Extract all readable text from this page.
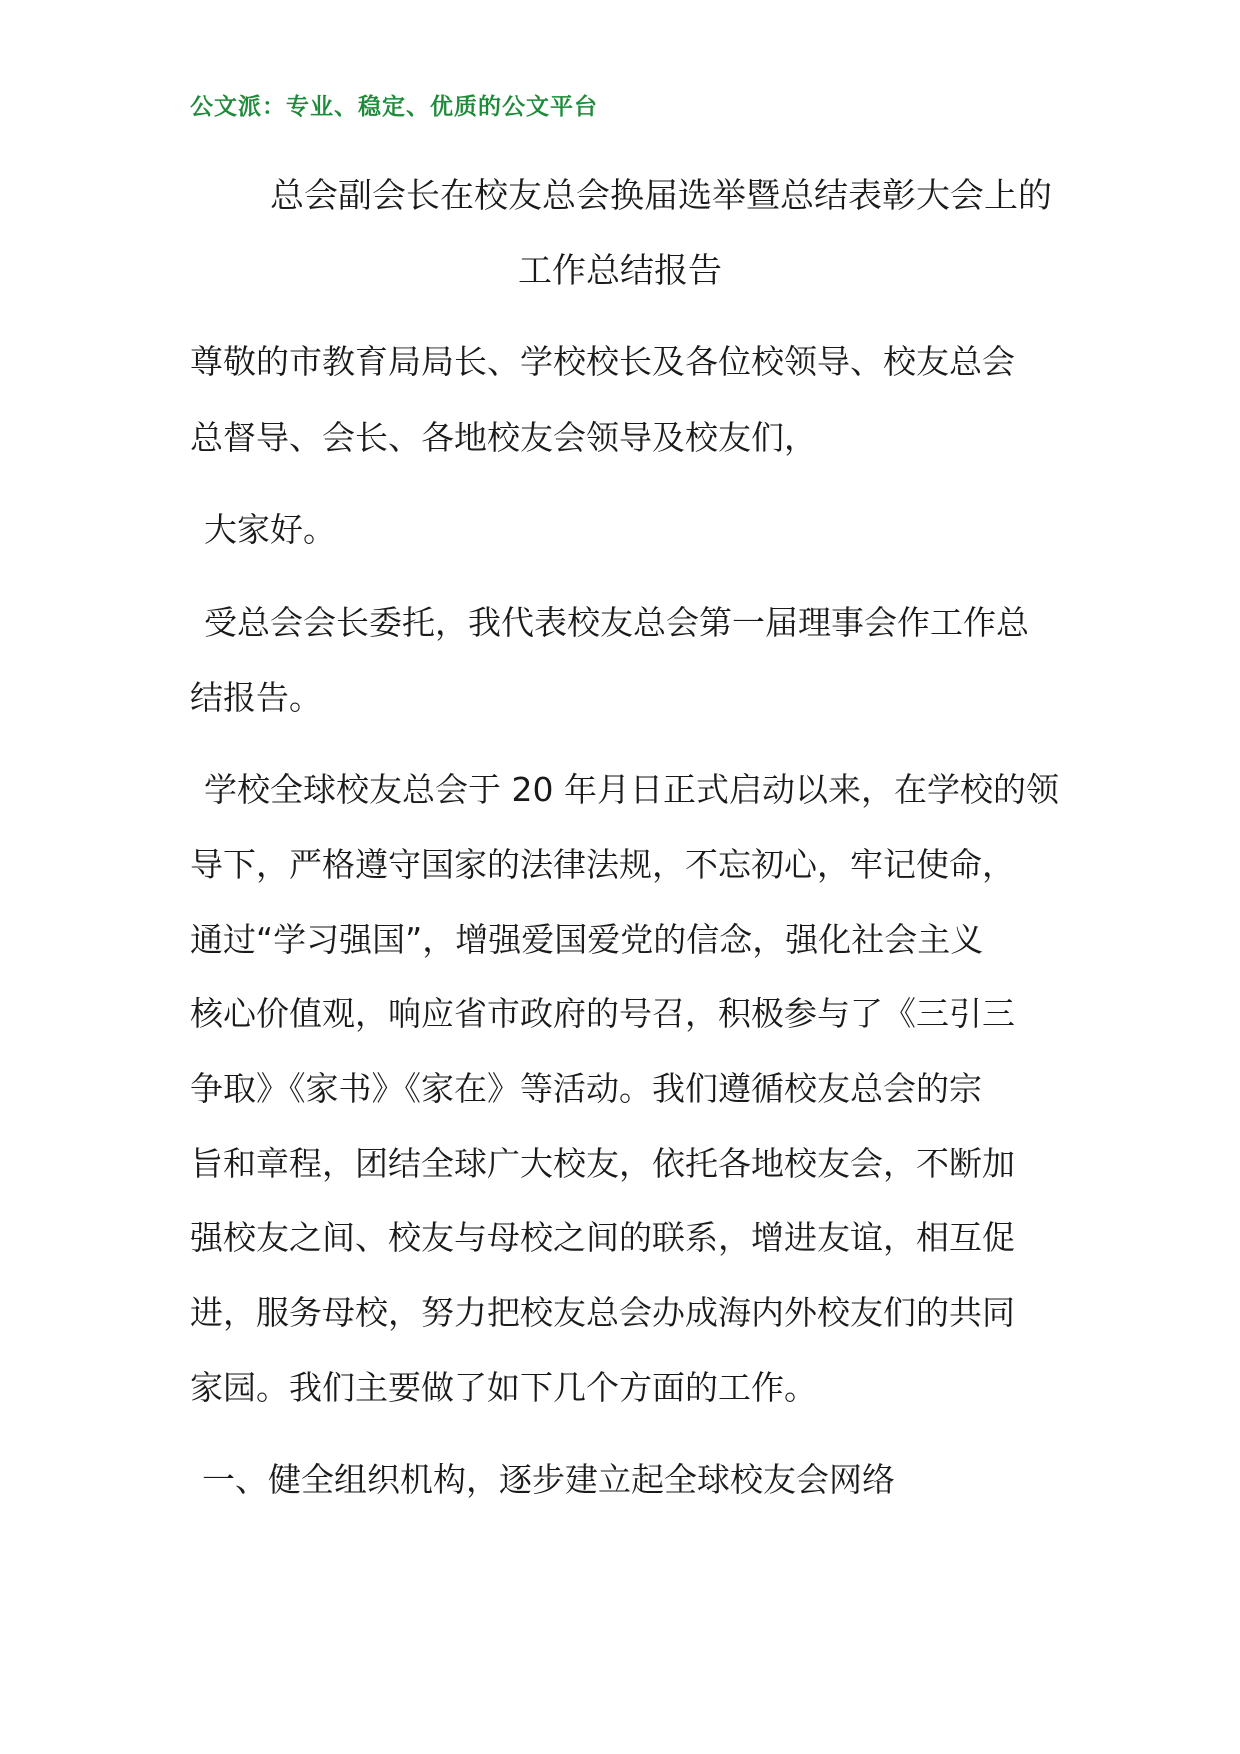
公文派：专业、稳定、优质的公文平台
总会副会长在校友总会换届选举暨总结表彰大会上的
工作总结报告
尊敬的市教育局局长、学校校长及各位校领导、校友总会
总督导、会长、各地校友会领导及校友们，
大家好。
受总会会长委托，我代表校友总会第一届理事会作工作总
结报告。
学校全球校友总会于 20 年月日正式启动以来，在学校的领
导下，严格遵守国家的法律法规，不忘初心，牢记使命，
通过“学习强国”，增强爱国爱党的信念，强化社会主义
核心价值观，响应省市政府的号召，积极参与了《三引三
争取》《家书》《家在》等活动。我们遵循校友总会的宗
旨和章程，团结全球广大校友，依托各地校友会，不断加
强校友之间、校友与母校之间的联系，增进友谊，相互促
进，服务母校，努力把校友总会办成海内外校友们的共同
家园。我们主要做了如下几个方面的工作。
一、健全组织机构，逐步建立起全球校友会网络
